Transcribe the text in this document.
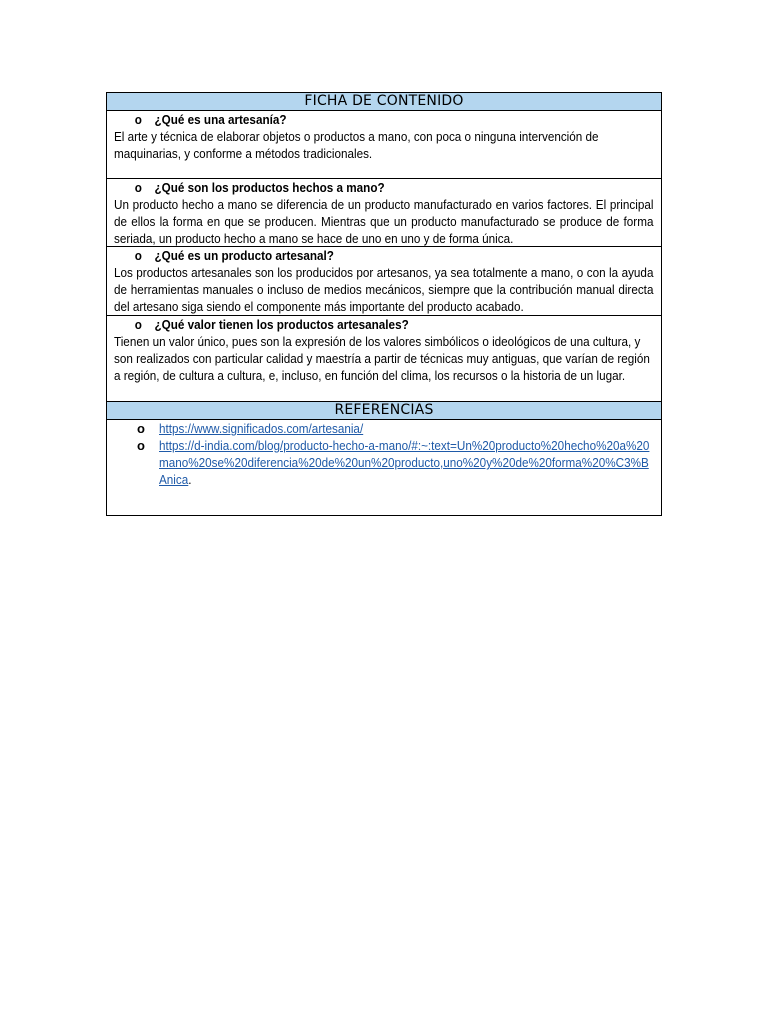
FICHA DE CONTENIDO
o ¿Qué es una artesanía?

El arte y técnica de elaborar objetos o productos a mano, con poca o ninguna intervención de maquinarias, y conforme a métodos tradicionales.

o ¿Qué son los productos hechos a mano?

Un producto hecho a mano se diferencia de un producto manufacturado en varios factores. El principal de ellos la forma en que se producen. Mientras que un producto manufacturado se produce de forma seriada, un producto hecho a mano se hace de uno en uno y de forma única.

o ¿Qué es un producto artesanal?

Los productos artesanales son los producidos por artesanos, ya sea totalmente a mano, o con la ayuda de herramientas manuales o incluso de medios mecánicos, siempre que la contribución manual directa del artesano siga siendo el componente más importante del producto acabado.

o ¿Qué valor tienen los productos artesanales?

Tienen un valor único, pues son la expresión de los valores simbólicos o ideológicos de una cultura, y son realizados con particular calidad y maestría a partir de técnicas muy antiguas, que varían de región a región, de cultura a cultura, e, incluso, en función del clima, los recursos o la historia de un lugar.

REFERENCIAS
o https://www.significados.com/artesania/
o https://d-india.com/blog/producto-hecho-a-mano/#:~:text=Un%20producto%20hecho%20a%20mano%20se%20diferencia%20de%20un%20producto,uno%20y%20de%20forma%20%C3%BAnica.
